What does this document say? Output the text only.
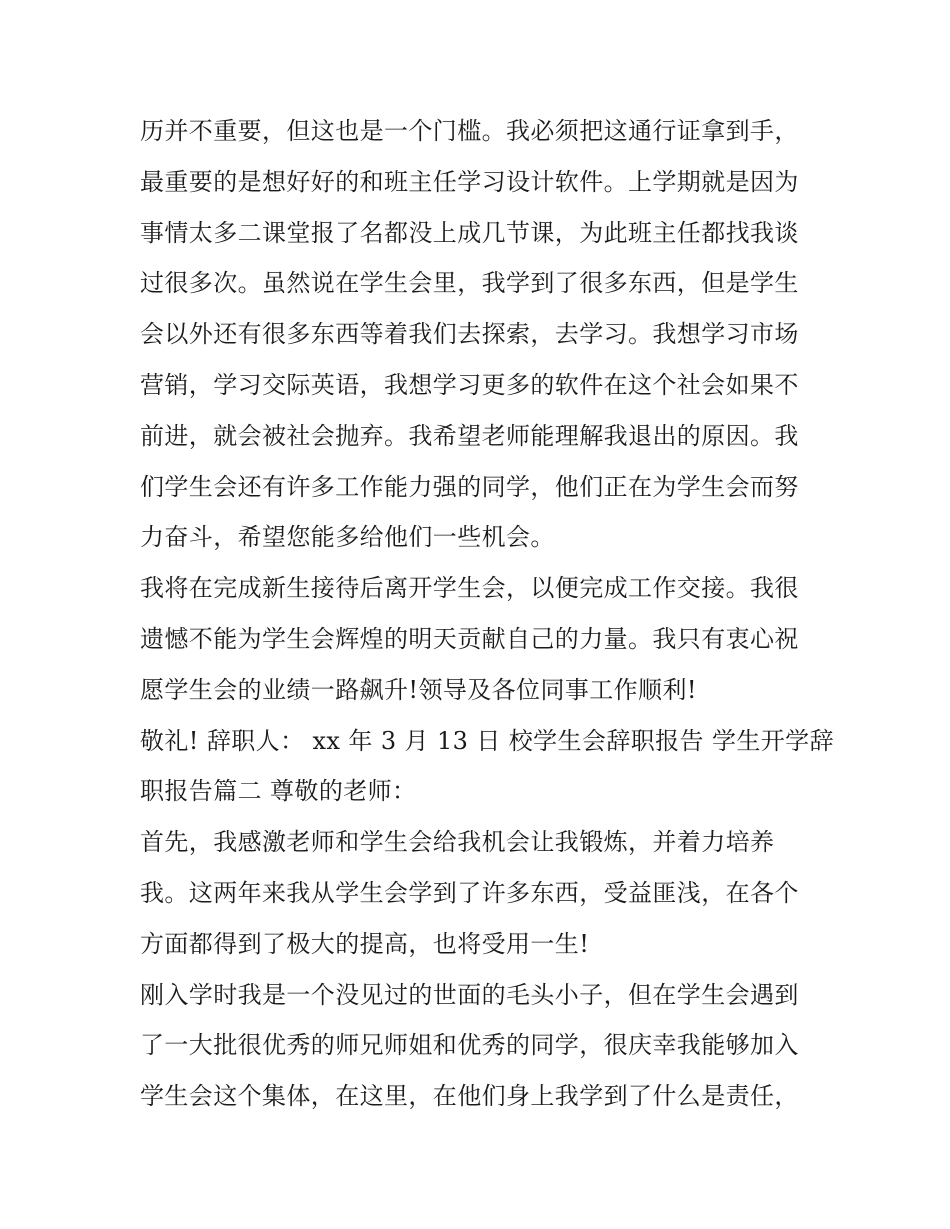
历并不重要，但这也是一个门槛。我必须把这通行证拿到手，
最重要的是想好好的和班主任学习设计软件。上学期就是因为
事情太多二课堂报了名都没上成几节课，为此班主任都找我谈
过很多次。虽然说在学生会里，我学到了很多东西，但是学生
会以外还有很多东西等着我们去探索，去学习。我想学习市场
营销，学习交际英语，我想学习更多的软件在这个社会如果不
前进，就会被社会抛弃。我希望老师能理解我退出的原因。我
们学生会还有许多工作能力强的同学，他们正在为学生会而努
力奋斗，希望您能多给他们一些机会。
我将在完成新生接待后离开学生会，以便完成工作交接。我很
遗憾不能为学生会辉煌的明天贡献自己的力量。我只有衷心祝
愿学生会的业绩一路飙升!领导及各位同事工作顺利!
敬礼! 辞职人： xx 年 3 月 13 日 校学生会辞职报告 学生开学辞
职报告篇二 尊敬的老师：
首先，我感激老师和学生会给我机会让我锻炼，并着力培养
我。这两年来我从学生会学到了许多东西，受益匪浅，在各个
方面都得到了极大的提高，也将受用一生!
刚入学时我是一个没见过的世面的毛头小子，但在学生会遇到
了一大批很优秀的师兄师姐和优秀的同学，很庆幸我能够加入
学生会这个集体，在这里，在他们身上我学到了什么是责任，
